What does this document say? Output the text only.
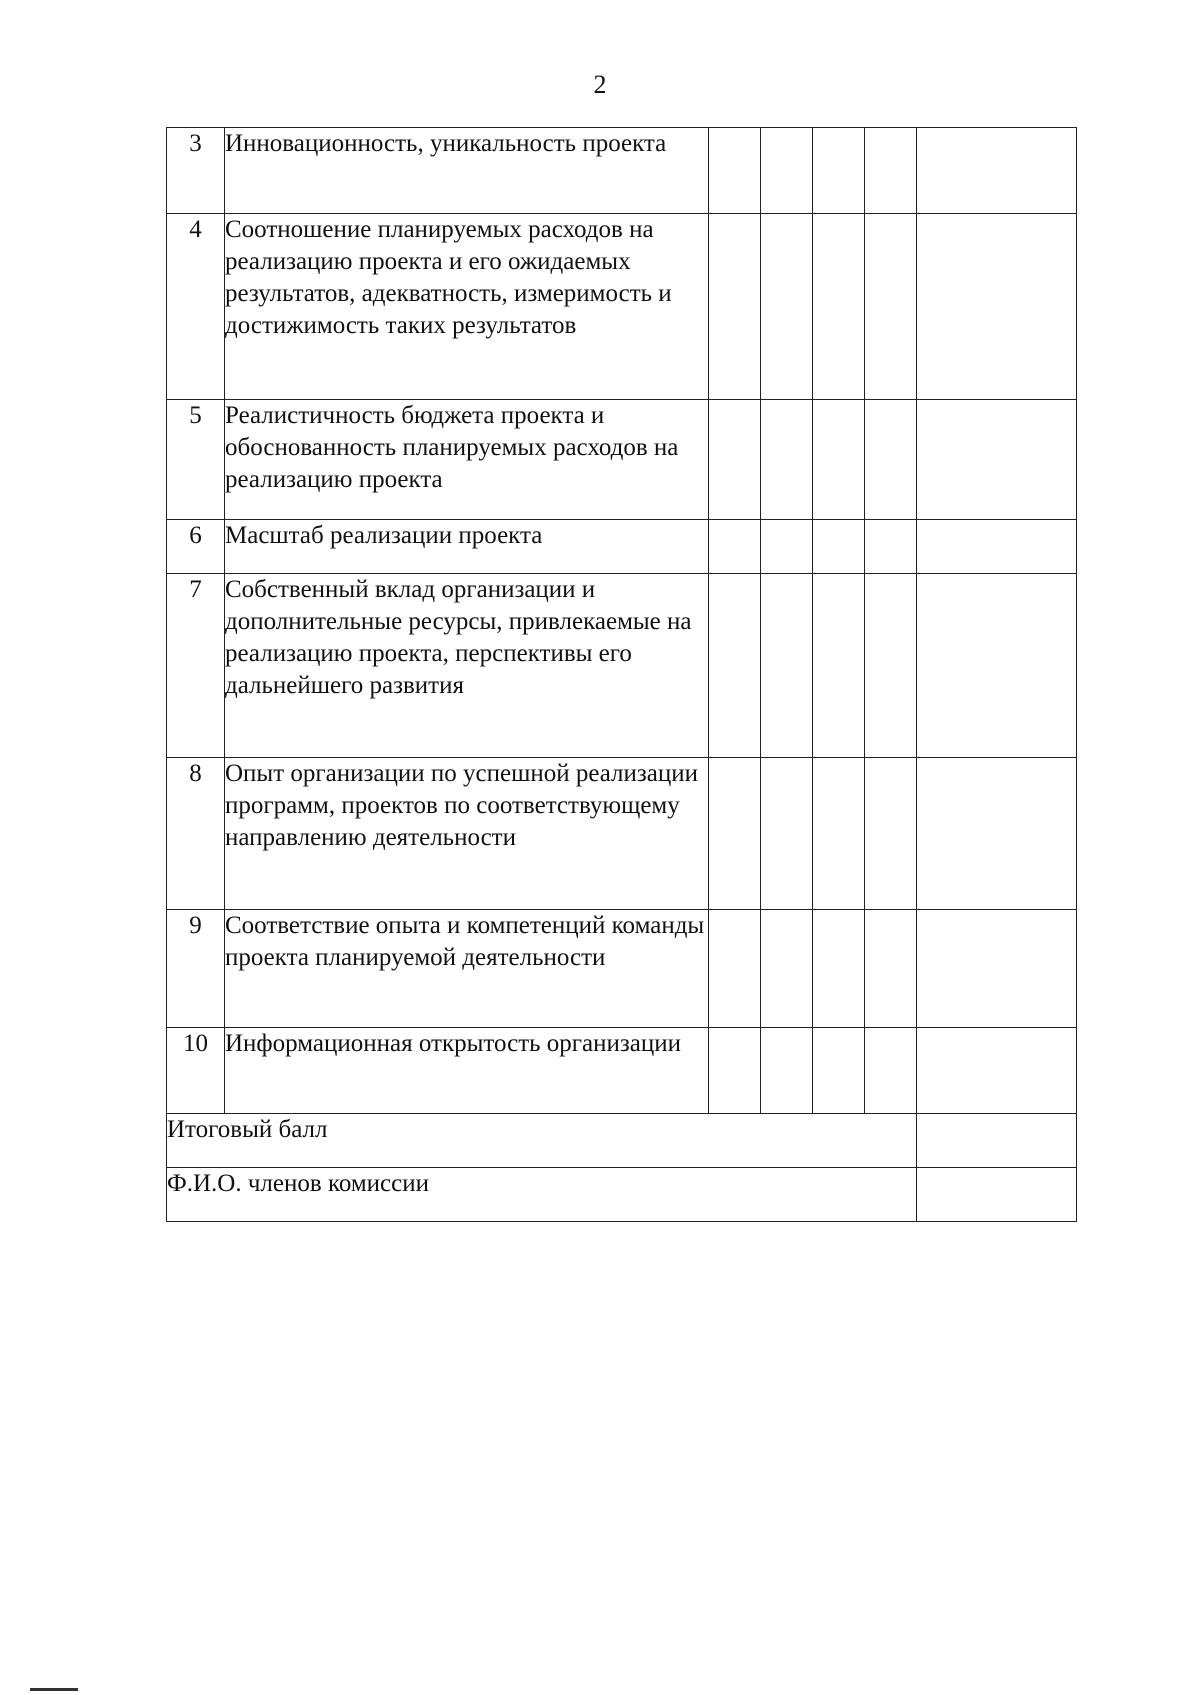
2
3	Инновационность, уникальность проекта					
4	Соотношение планируемых расходов на реализацию проекта и его ожидаемых результатов, адекватность, измеримость и достижимость таких результатов					
5	Реалистичность бюджета проекта и обоснованность планируемых расходов на реализацию проекта					
6	Масштаб реализации проекта					
7	Собственный вклад организации и дополнительные ресурсы, привлекаемые на реализацию проекта, перспективы его дальнейшего развития					
8	Опыт организации по успешной реализации программ, проектов по соответствующему направлению деятельности					
9	Соответствие опыта и компетенций команды проекта планируемой деятельности					
10	Информационная открытость организации					
Итоговый балл						
Ф.И.О. членов комиссии						
